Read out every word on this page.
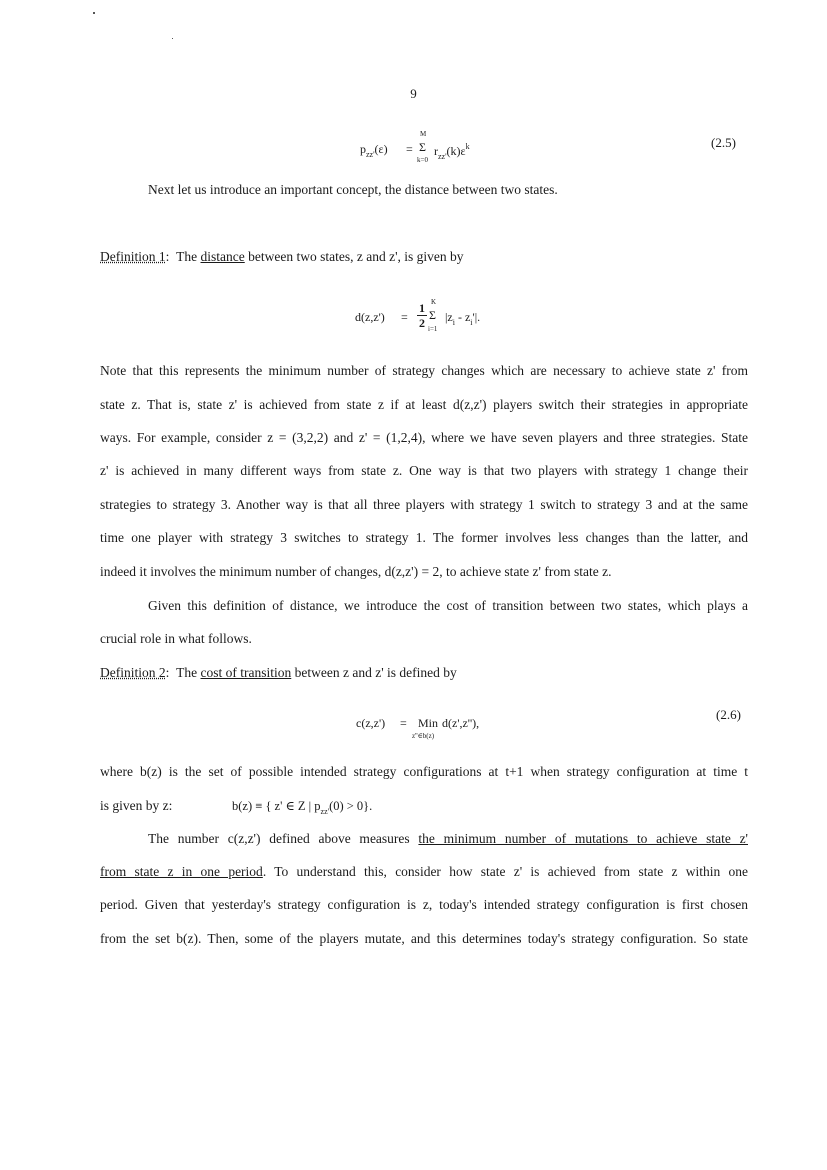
9
$p_{zz'}(\varepsilon)$ =
M
Σ
k=0
$r_{zz'}(k)\varepsilon^k$	(2.5)
Next let us introduce an important concept, the distance between two states.
Definition 1: The distance between two states, z and z', is given by
d(z,z') =
1
2
K
Σ
i=1
$|z_i - z_i'|$.
Note that this represents the minimum number of strategy changes which are necessary to achieve state z' from
state z. That is, state z' is achieved from state z if at least d(z,z') players switch their strategies in appropriate
ways. For example, consider z = (3,2,2) and z' = (1,2,4), where we have seven players and three strategies. State
z' is achieved in many different ways from state z. One way is that two players with strategy 1 change their
strategies to strategy 3. Another way is that all three players with strategy 1 switch to strategy 3 and at the same
time one player with strategy 3 switches to strategy 1. The former involves less changes than the latter, and
indeed it involves the minimum number of changes, d(z,z') = 2, to achieve state z' from state z.
Given this definition of distance, we introduce the cost of transition between two states, which plays a
crucial role in what follows.
Definition 2: The cost of transition between z and z' is defined by
c(z,z') = Min
z''∈b(z)
d(z',z''),
(2.6)
where b(z) is the set of possible intended strategy configurations at t+1 when strategy configuration at time t
is given by z:	b(z) ≡ { z' ∈ Z | $p_{zz'}(0) > 0$}.
The number c(z,z') defined above measures the minimum number of mutations to achieve state z'
from state z in one period. To understand this, consider how state z' is achieved from state z within one
period. Given that yesterday's strategy configuration is z, today's intended strategy configuration is first chosen
from the set b(z). Then, some of the players mutate, and this determines today's strategy configuration. So state
